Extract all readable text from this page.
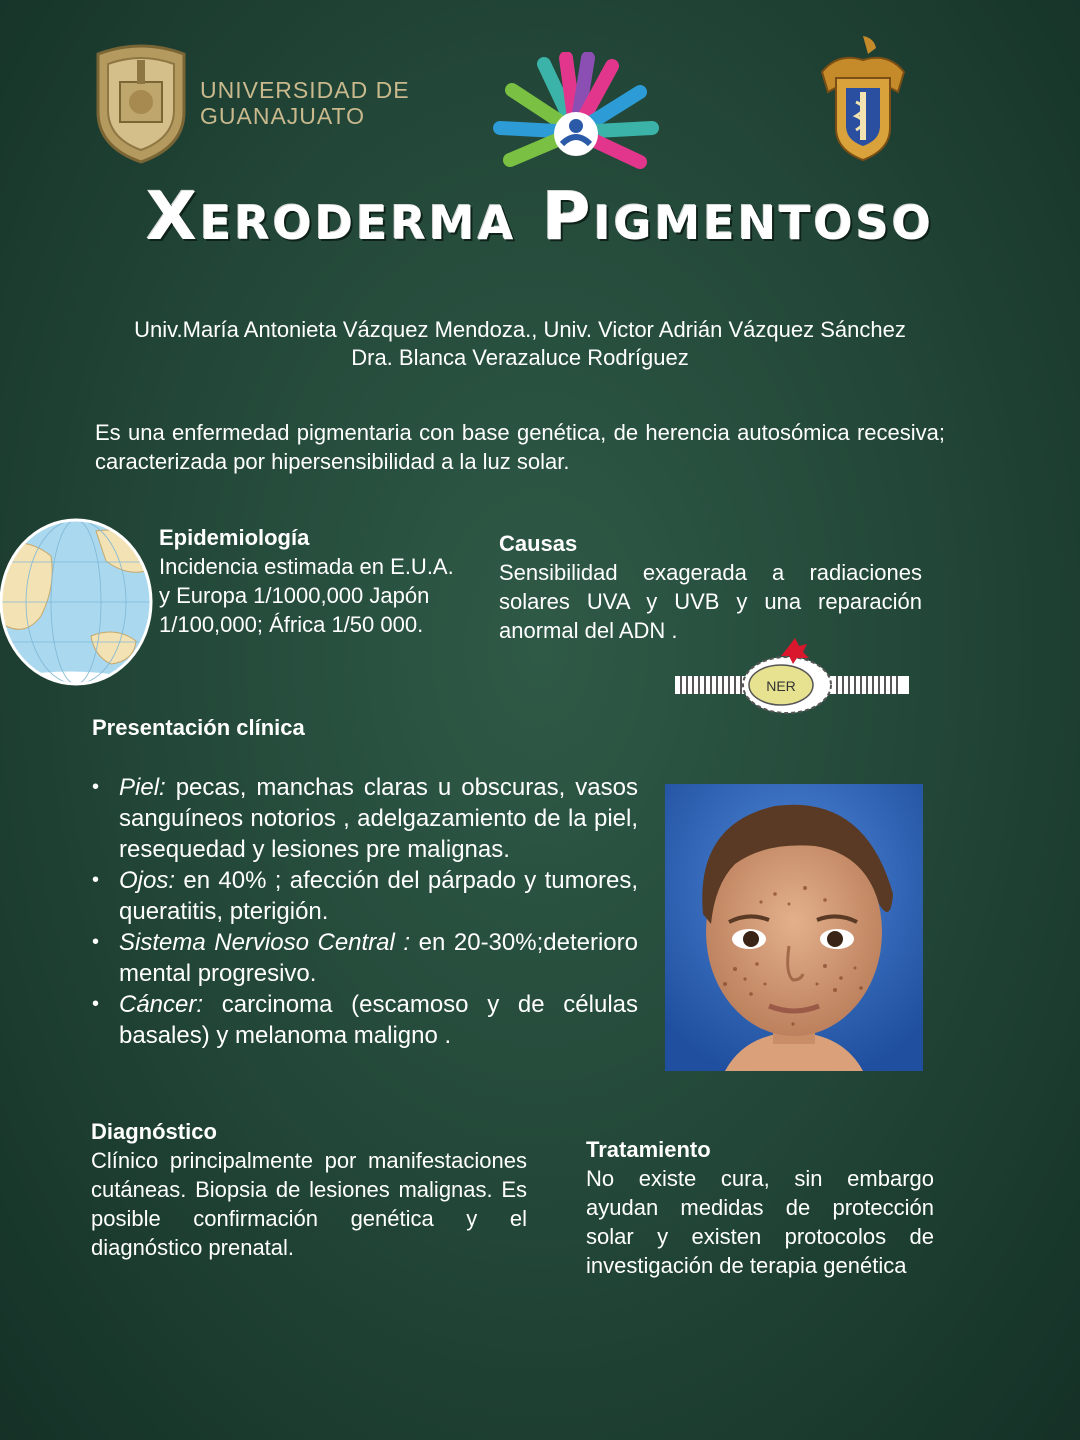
UNIVERSIDAD DE
GUANAJUATO
Xeroderma Pigmentoso
Univ.María Antonieta Vázquez Mendoza., Univ. Victor Adrián Vázquez Sánchez
Dra. Blanca Verazaluce Rodríguez
Es una enfermedad pigmentaria con base genética, de herencia autosómica recesiva; caracterizada por hipersensibilidad a la luz solar.
Epidemiología
Incidencia estimada en E.U.A. y Europa 1/1000,000 Japón 1/100,000; África 1/50 000.
Causas
Sensibilidad exagerada a radiaciones solares UVA y UVB y una reparación anormal del ADN .
NER
Presentación clínica
• Piel: pecas, manchas claras u obscuras, vasos sanguíneos notorios , adelgazamiento de la piel, resequedad y lesiones pre malignas.
• Ojos: en 40% ; afección del párpado y tumores, queratitis, pterigión.
• Sistema Nervioso Central : en 20-30%;deterioro mental progresivo.
• Cáncer: carcinoma (escamoso y de células basales) y melanoma maligno .
Diagnóstico
Clínico principalmente por manifestaciones cutáneas. Biopsia de lesiones malignas. Es posible confirmación genética y el diagnóstico prenatal.
Tratamiento
No existe cura, sin embargo ayudan medidas de protección solar y existen protocolos de investigación de terapia genética
